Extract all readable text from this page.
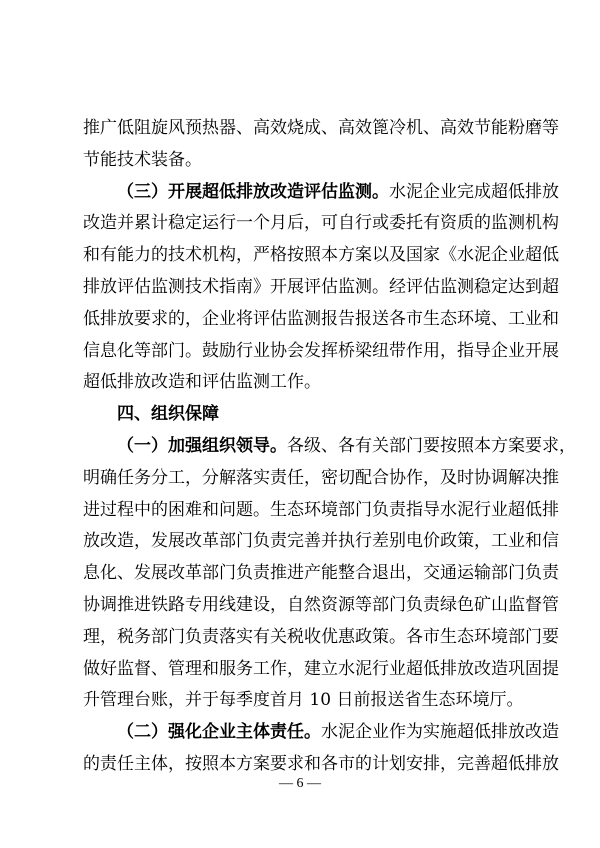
推广低阻旋风预热器、高效烧成、高效篦冷机、高效节能粉磨等
节能技术装备。
（三）开展超低排放改造评估监测。水泥企业完成超低排放
改造并累计稳定运行一个月后，可自行或委托有资质的监测机构
和有能力的技术机构，严格按照本方案以及国家《水泥企业超低
排放评估监测技术指南》开展评估监测。经评估监测稳定达到超
低排放要求的，企业将评估监测报告报送各市生态环境、工业和
信息化等部门。鼓励行业协会发挥桥梁纽带作用，指导企业开展
超低排放改造和评估监测工作。
四、组织保障
（一）加强组织领导。各级、各有关部门要按照本方案要求，
明确任务分工，分解落实责任，密切配合协作，及时协调解决推
进过程中的困难和问题。生态环境部门负责指导水泥行业超低排
放改造，发展改革部门负责完善并执行差别电价政策，工业和信
息化、发展改革部门负责推进产能整合退出，交通运输部门负责
协调推进铁路专用线建设，自然资源等部门负责绿色矿山监督管
理，税务部门负责落实有关税收优惠政策。各市生态环境部门要
做好监督、管理和服务工作，建立水泥行业超低排放改造巩固提
升管理台账，并于每季度首月 10 日前报送省生态环境厅。
— 6 —
（二）强化企业主体责任。水泥企业作为实施超低排放改造
的责任主体，按照本方案要求和各市的计划安排，完善超低排放
